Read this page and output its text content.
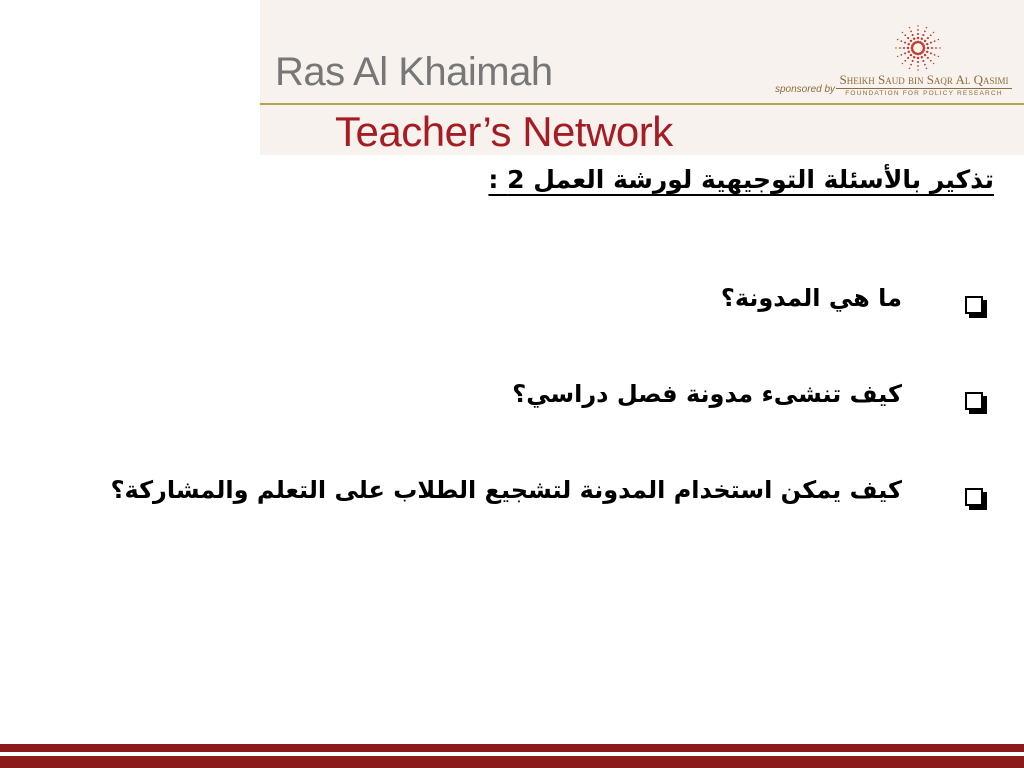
Ras Al Khaimah
Teacher’s Network
sponsored by
Sheikh Saud bin Saqr Al Qasimi
FOUNDATION FOR POLICY RESEARCH
تذكير بالأسئلة التوجيهية لورشة العمل 2 :
ما هي المدونة؟
كيف تنشىء مدونة فصل دراسي؟
كيف يمكن استخدام المدونة لتشجيع الطلاب على التعلم والمشاركة؟
